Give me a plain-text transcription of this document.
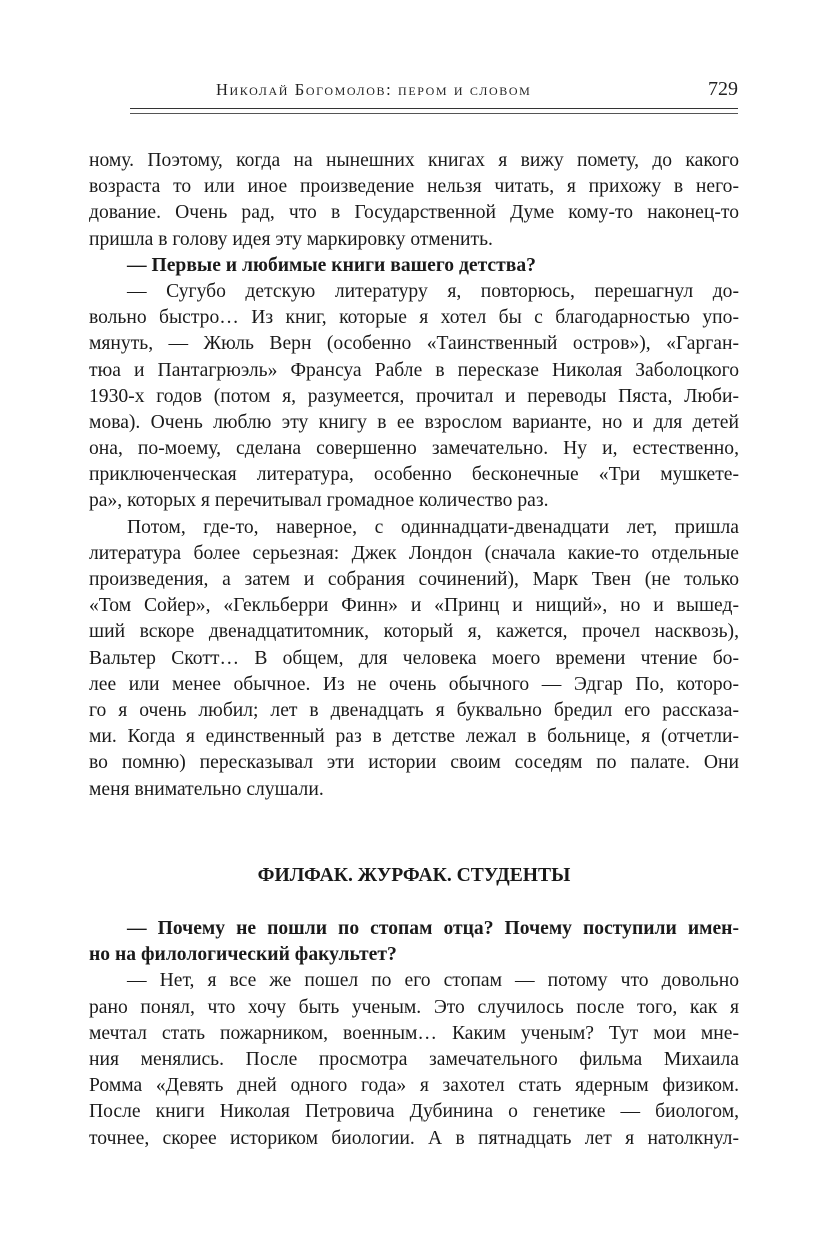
Николай Богомолов: пером и словом	729
ному. Поэтому, когда на нынешних книгах я вижу помету, до какого
возраста то или иное произведение нельзя читать, я прихожу в него-
дование. Очень рад, что в Государственной Думе кому-то наконец-то
пришла в голову идея эту маркировку отменить.
— Первые и любимые книги вашего детства?
— Сугубо детскую литературу я, повторюсь, перешагнул до-
вольно быстро… Из книг, которые я хотел бы с благодарностью упо-
мянуть, — Жюль Верн (особенно «Таинственный остров»), «Гарган-
тюа и Пантагрюэль» Франсуа Рабле в пересказе Николая Заболоцкого
1930-х годов (потом я, разумеется, прочитал и переводы Пяста, Люби-
мова). Очень люблю эту книгу в ее взрослом варианте, но и для детей
она, по-моему, сделана совершенно замечательно. Ну и, естественно,
приключенческая литература, особенно бесконечные «Три мушкете-
ра», которых я перечитывал громадное количество раз.
Потом, где-то, наверное, с одиннадцати-двенадцати лет, пришла
литература более серьезная: Джек Лондон (сначала какие-то отдельные
произведения, а затем и собрания сочинений), Марк Твен (не только
«Том Сойер», «Гекльберри Финн» и «Принц и нищий», но и вышед-
ший вскоре двенадцатитомник, который я, кажется, прочел насквозь),
Вальтер Скотт… В общем, для человека моего времени чтение бо-
лее или менее обычное. Из не очень обычного — Эдгар По, которо-
го я очень любил; лет в двенадцать я буквально бредил его рассказа-
ми. Когда я единственный раз в детстве лежал в больнице, я (отчетли-
во помню) пересказывал эти истории своим соседям по палате. Они
меня внимательно слушали.
ФИЛФАК. ЖУРФАК. СТУДЕНТЫ
— Почему не пошли по стопам отца? Почему поступили имен-
но на филологический факультет?
— Нет, я все же пошел по его стопам — потому что довольно
рано понял, что хочу быть ученым. Это случилось после того, как я
мечтал стать пожарником, военным… Каким ученым? Тут мои мне-
ния менялись. После просмотра замечательного фильма Михаила
Ромма «Девять дней одного года» я захотел стать ядерным физиком.
После книги Николая Петровича Дубинина о генетике — биологом,
точнее, скорее историком биологии. А в пятнадцать лет я натолкнул-
